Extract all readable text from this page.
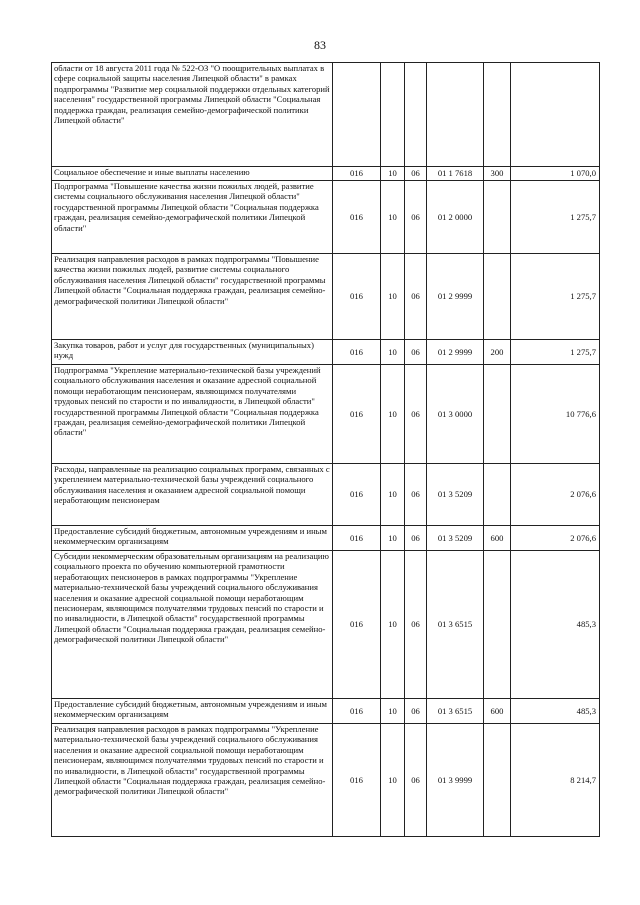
83
области от 18 августа 2011 года № 522-ОЗ "О поощрительных выплатах в сфере социальной защиты населения Липецкой области" в рамках подпрограммы "Развитие мер социальной поддержки отдельных категорий населения" государственной программы Липецкой области "Социальная поддержка граждан, реализация семейно-демографической политики Липецкой области"						
Социальное обеспечение и иные выплаты населению	016	10	06	01 1 7618	300	1 070,0
Подпрограмма "Повышение качества жизни пожилых людей, развитие системы социального обслуживания населения Липецкой области" государственной программы Липецкой области "Социальная поддержка граждан, реализация семейно-демографической политики Липецкой области"	016	10	06	01 2 0000		1 275,7
Реализация направления расходов в рамках подпрограммы "Повышение качества жизни пожилых людей, развитие системы социального обслуживания населения Липецкой области" государственной программы Липецкой области "Социальная поддержка граждан, реализация семейно-демографической политики Липецкой области"	016	10	06	01 2 9999		1 275,7
Закупка товаров, работ и услуг для государственных (муниципальных) нужд	016	10	06	01 2 9999	200	1 275,7
Подпрограмма "Укрепление материально-технической базы учреждений социального обслуживания населения и оказание адресной социальной помощи неработающим пенсионерам, являющимся получателями трудовых пенсий по старости и по инвалидности, в Липецкой области" государственной программы Липецкой области "Социальная поддержка граждан, реализация семейно-демографической политики Липецкой области"	016	10	06	01 3 0000		10 776,6
Расходы, направленные на реализацию социальных программ, связанных с укреплением материально-технической базы учреждений социального обслуживания населения и оказанием адресной социальной помощи неработающим пенсионерам	016	10	06	01 3 5209		2 076,6
Предоставление субсидий бюджетным, автономным учреждениям и иным некоммерческим организациям	016	10	06	01 3 5209	600	2 076,6
Субсидии некоммерческим образовательным организациям на реализацию социального проекта по обучению компьютерной грамотности неработающих пенсионеров в рамках подпрограммы "Укрепление материально-технической базы учреждений социального обслуживания населения и оказание адресной социальной помощи неработающим пенсионерам, являющимся получателями трудовых пенсий по старости и по инвалидности, в Липецкой области" государственной программы Липецкой области "Социальная поддержка граждан, реализация семейно-демографической политики Липецкой области"	016	10	06	01 3 6515		485,3
Предоставление субсидий бюджетным, автономным учреждениям и иным некоммерческим организациям	016	10	06	01 3 6515	600	485,3
Реализация направления расходов в рамках подпрограммы "Укрепление материально-технической базы учреждений социального обслуживания населения и оказание адресной социальной помощи неработающим пенсионерам, являющимся получателями трудовых пенсий по старости и по инвалидности, в Липецкой области" государственной программы Липецкой области "Социальная поддержка граждан, реализация семейно-демографической политики Липецкой области"	016	10	06	01 3 9999		8 214,7
